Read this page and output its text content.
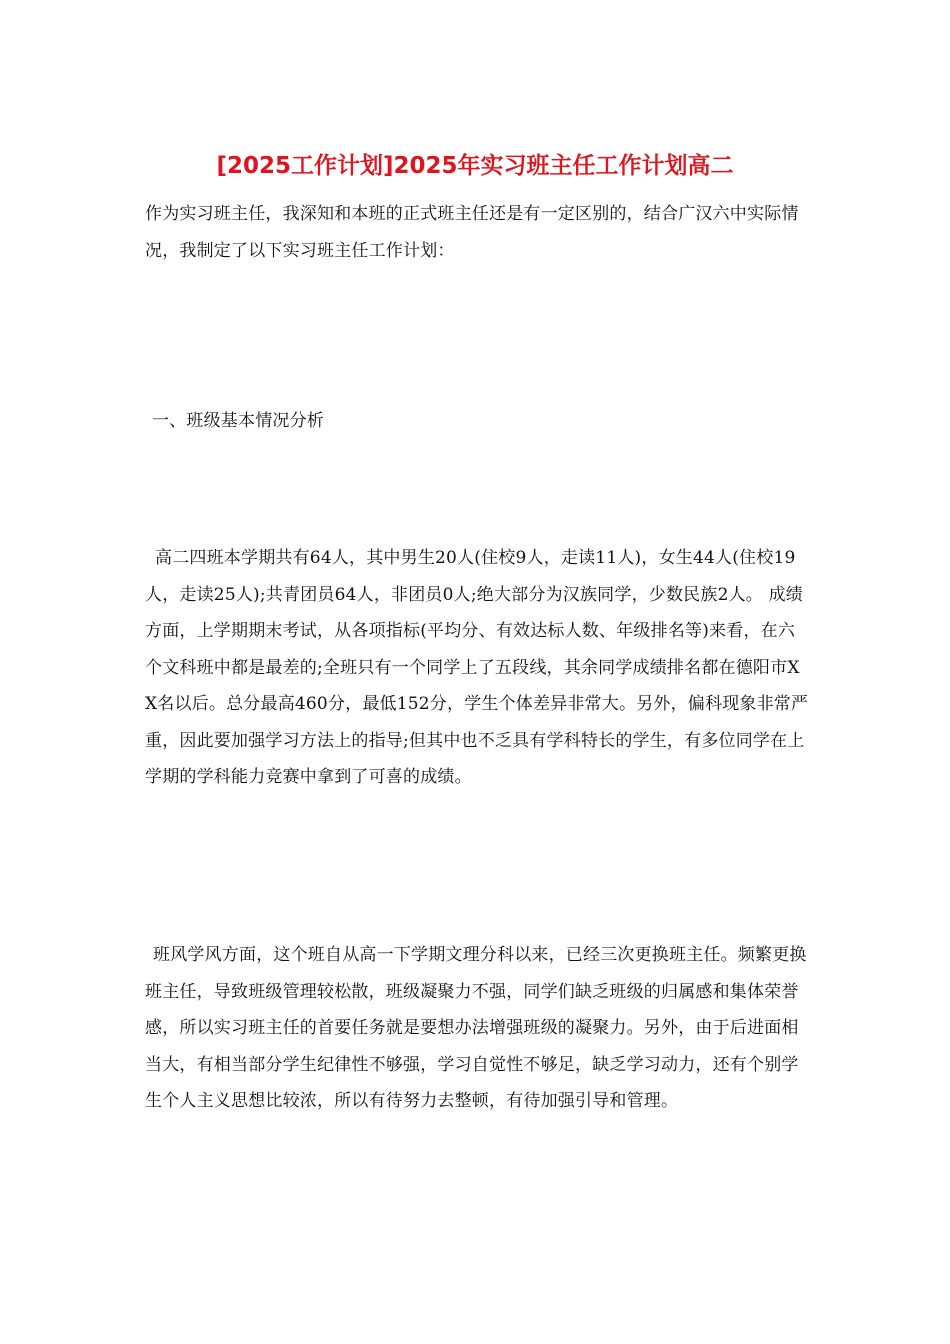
[2025工作计划]2025年实习班主任工作计划高二

作为实习班主任，我深知和本班的正式班主任还是有一定区别的，结合广汉六中实际情况，我制定了以下实习班主任工作计划：

一、班级基本情况分析

高二四班本学期共有64人，其中男生20人(住校9人，走读11人)，女生44人(住校19人，走读25人);共青团员64人，非团员0人;绝大部分为汉族同学，少数民族2人。 成绩方面，上学期期末考试，从各项指标(平均分、有效达标人数、年级排名等)来看，在六个文科班中都是最差的;全班只有一个同学上了五段线，其余同学成绩排名都在德阳市XX名以后。总分最高460分，最低152分，学生个体差异非常大。另外，偏科现象非常严重，因此要加强学习方法上的指导;但其中也不乏具有学科特长的学生，有多位同学在上学期的学科能力竞赛中拿到了可喜的成绩。

班风学风方面，这个班自从高一下学期文理分科以来，已经三次更换班主任。频繁更换班主任，导致班级管理较松散，班级凝聚力不强，同学们缺乏班级的归属感和集体荣誉感，所以实习班主任的首要任务就是要想办法增强班级的凝聚力。另外，由于后进面相当大，有相当部分学生纪律性不够强，学习自觉性不够足，缺乏学习动力，还有个别学生个人主义思想比较浓，所以有待努力去整顿，有待加强引导和管理。
